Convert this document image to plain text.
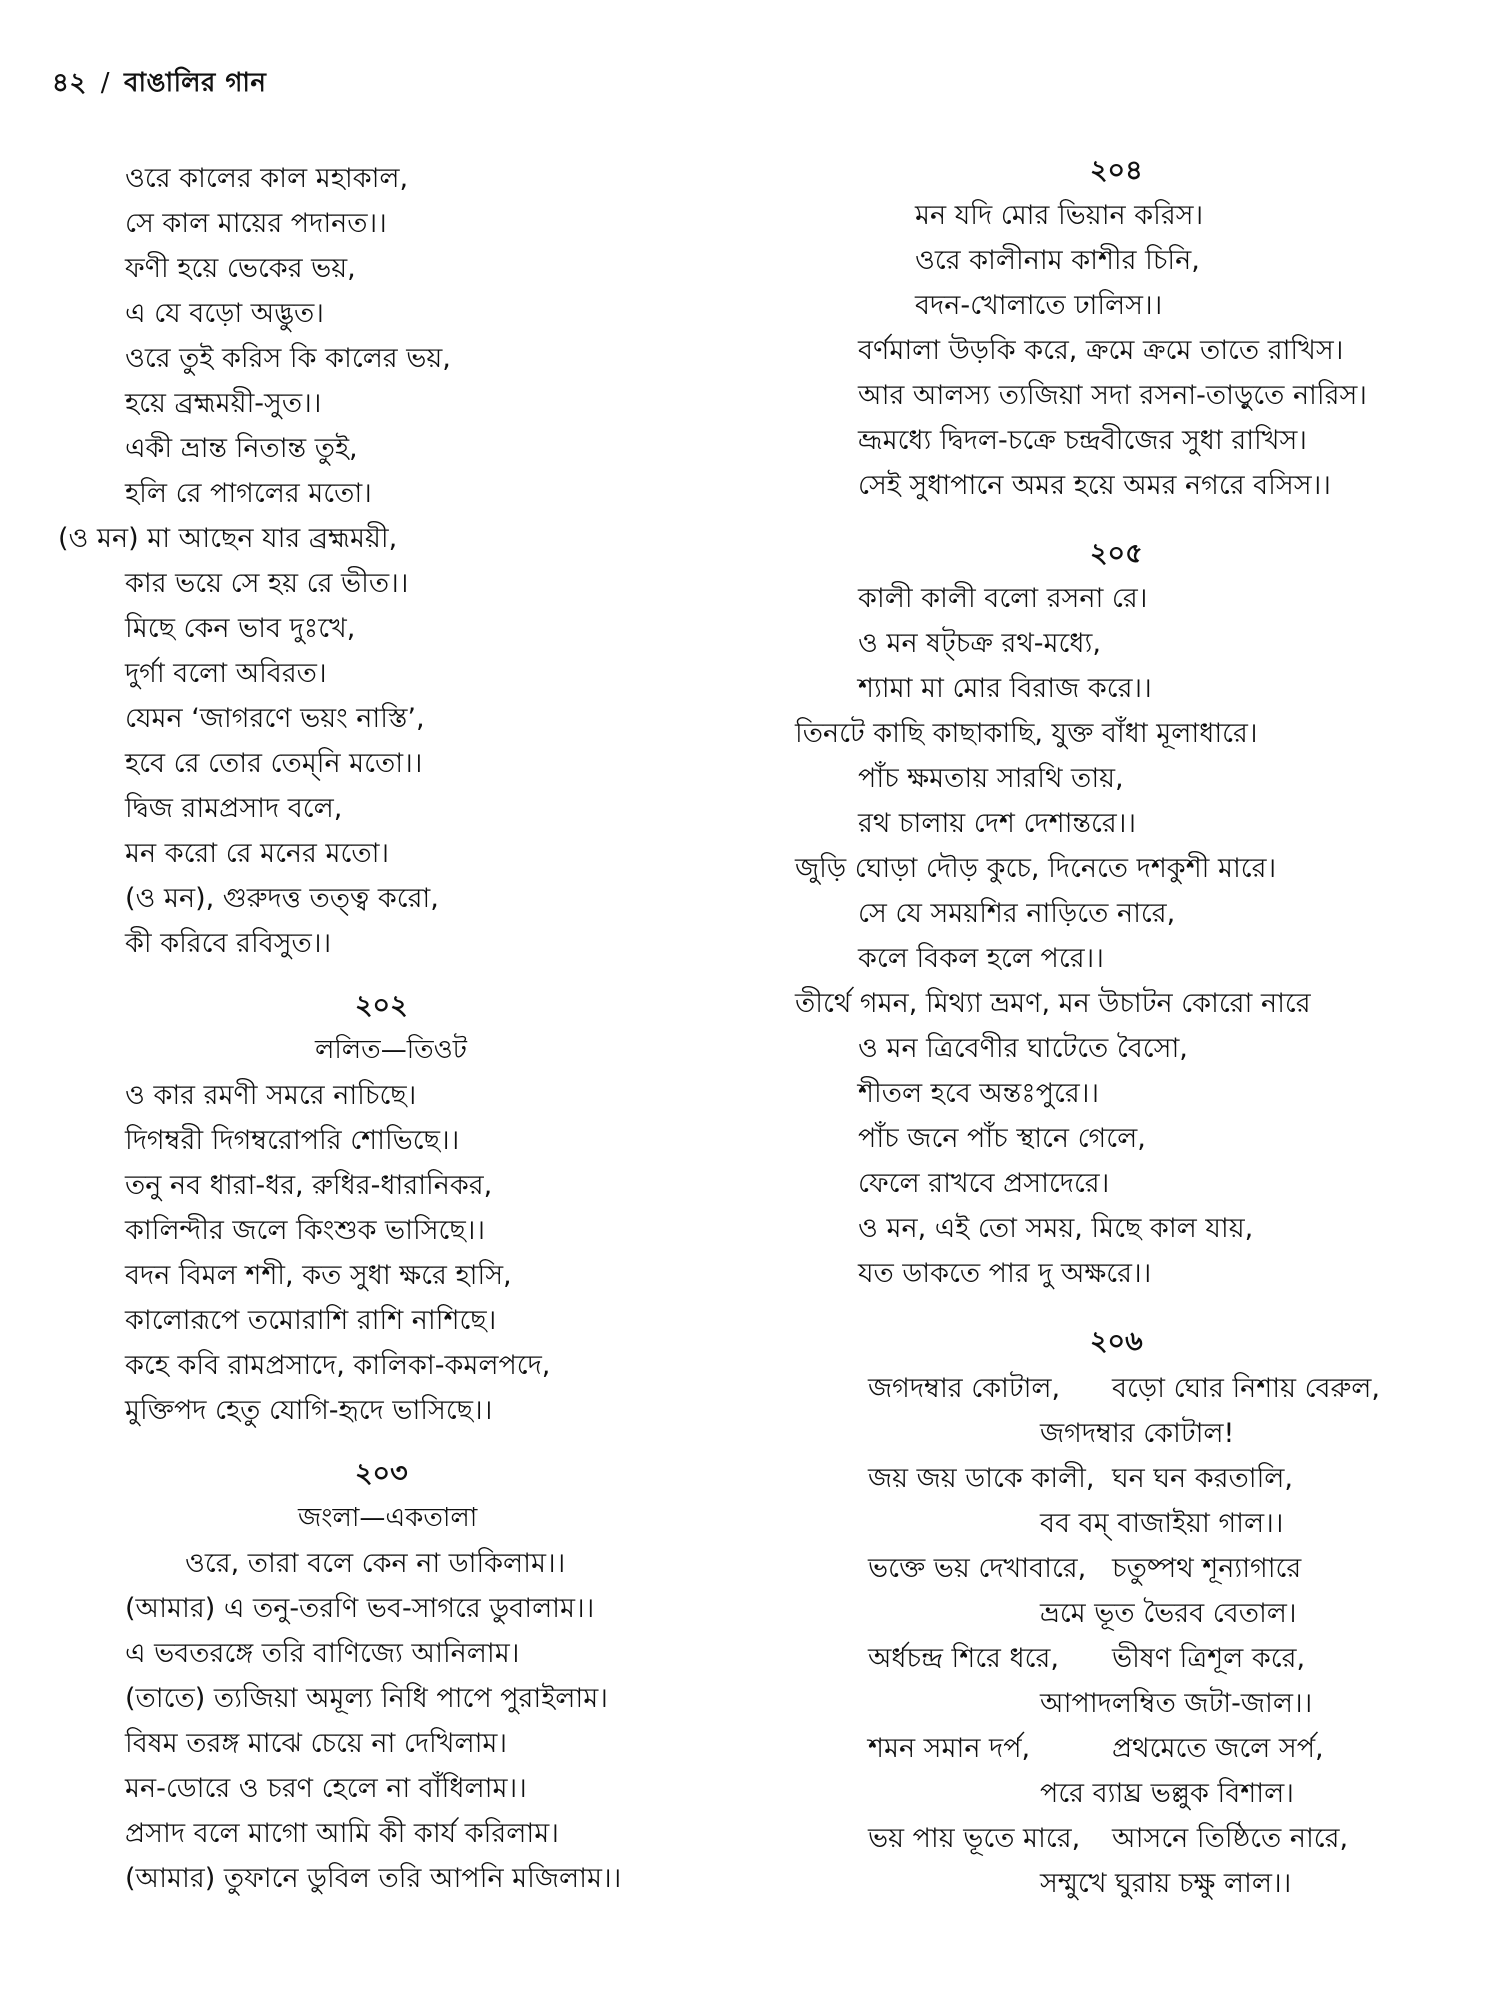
৪২ / বাঙালির গান
ওরে কালের কাল মহাকাল,
সে কাল মায়ের পদানত।।
ফণী হয়ে ভেকের ভয়,
এ যে বড়ো অদ্ভুত।
ওরে তুই করিস কি কালের ভয়,
হয়ে ব্রহ্মময়ী-সুত।।
একী ভ্রান্ত নিতান্ত তুই,
হলি রে পাগলের মতো।
(ও মন) মা আছেন যার ব্রহ্মময়ী,
কার ভয়ে সে হয় রে ভীত।।
মিছে কেন ভাব দুঃখে,
দুর্গা বলো অবিরত।
যেমন ‘জাগরণে ভয়ং নাস্তি’,
হবে রে তোর তেম্‌নি মতো।।
দ্বিজ রামপ্রসাদ বলে,
মন করো রে মনের মতো।
(ও মন), গুরুদত্ত তত্ত্ব করো,
কী করিবে রবিসুত।।
২০২
ললিত—তিওট
ও কার রমণী সমরে নাচিছে।
দিগম্বরী দিগম্বরোপরি শোভিছে।।
তনু নব ধারা-ধর, রুধির-ধারানিকর,
কালিন্দীর জলে কিংশুক ভাসিছে।।
বদন বিমল শশী, কত সুধা ক্ষরে হাসি,
কালোরূপে তমোরাশি রাশি নাশিছে।
কহে কবি রামপ্রসাদে, কালিকা-কমলপদে,
মুক্তিপদ হেতু যোগি-হৃদে ভাসিছে।।
২০৩
জংলা—একতালা
ওরে, তারা বলে কেন না ডাকিলাম।।
(আমার) এ তনু-তরণি ভব-সাগরে ডুবালাম।।
এ ভবতরঙ্গে তরি বাণিজ্যে আনিলাম।
(তাতে) ত্যজিয়া অমূল্য নিধি পাপে পুরাইলাম।
বিষম তরঙ্গ মাঝে চেয়ে না দেখিলাম।
মন-ডোরে ও চরণ হেলে না বাঁধিলাম।।
প্রসাদ বলে মাগো আমি কী কার্য করিলাম।
(আমার) তুফানে ডুবিল তরি আপনি মজিলাম।।
২০৪
মন যদি মোর ভিয়ান করিস।
ওরে কালীনাম কাশীর চিনি,
বদন-খোলাতে ঢালিস।।
বর্ণমালা উড়কি করে, ক্রমে ক্রমে তাতে রাখিস।
আর আলস্য ত্যজিয়া সদা রসনা-তাড়ুতে নারিস।
ভ্রূমধ্যে দ্বিদল-চক্রে চন্দ্রবীজের সুধা রাখিস।
সেই সুধাপানে অমর হয়ে অমর নগরে বসিস।।
২০৫
কালী কালী বলো রসনা রে।
ও মন ষট্‌চক্র রথ-মধ্যে,
শ্যামা মা মোর বিরাজ করে।।
তিনটে কাছি কাছাকাছি, যুক্ত বাঁধা মূলাধারে।
পাঁচ ক্ষমতায় সারথি তায়,
রথ চালায় দেশ দেশান্তরে।।
জুড়ি ঘোড়া দৌড় কুচে, দিনেতে দশকুশী মারে।
সে যে সময়শির নাড়িতে নারে,
কলে বিকল হলে পরে।।
তীর্থে গমন, মিথ্যা ভ্রমণ, মন উচাটন কোরো নারে
ও মন ত্রিবেণীর ঘাটেতে বৈসো,
শীতল হবে অন্তঃপুরে।।
পাঁচ জনে পাঁচ স্থানে গেলে,
ফেলে রাখবে প্রসাদেরে।
ও মন, এই তো সময়, মিছে কাল যায়,
যত ডাকতে পার দু অক্ষরে।।
২০৬
জগদম্বার কোটাল, বড়ো ঘোর নিশায় বেরুল,
জগদম্বার কোটাল!
জয় জয় ডাকে কালী, ঘন ঘন করতালি,
বব বম্‌ বাজাইয়া গাল।।
ভক্তে ভয় দেখাবারে, চতুষ্পথ শূন্যাগারে
ভ্রমে ভূত ভৈরব বেতাল।
অর্ধচন্দ্র শিরে ধরে, ভীষণ ত্রিশূল করে,
আপাদলম্বিত জটা-জাল।।
শমন সমান দর্প,	প্রথমেতে জলে সর্প,
পরে ব্যাঘ্র ভল্লুক বিশাল।
ভয় পায় ভূতে মারে, আসনে তিষ্ঠিতে নারে,
সম্মুখে ঘুরায় চক্ষু লাল।।
